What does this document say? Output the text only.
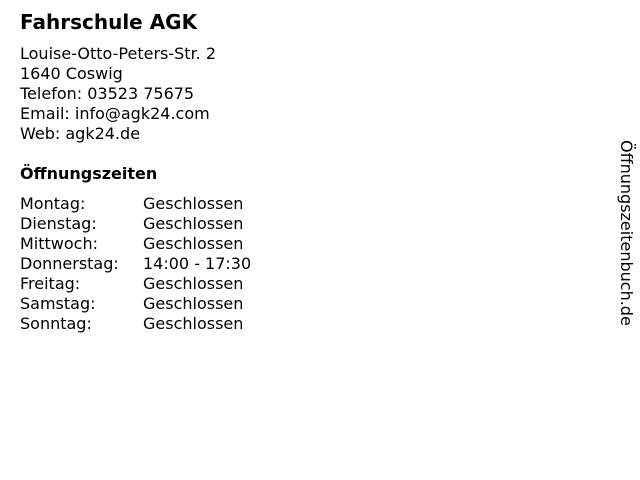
Fahrschule AGK
Louise-Otto-Peters-Str. 2
1640 Coswig
Telefon: 03523 75675
Email: info@agk24.com
Web: agk24.de
Öffnungszeiten
Montag:	Geschlossen
Dienstag:	Geschlossen
Mittwoch:	Geschlossen
Donnerstag:	14:00 - 17:30
Freitag:	Geschlossen
Samstag:	Geschlossen
Sonntag:	Geschlossen	Öffnungszeitenbuch.de
